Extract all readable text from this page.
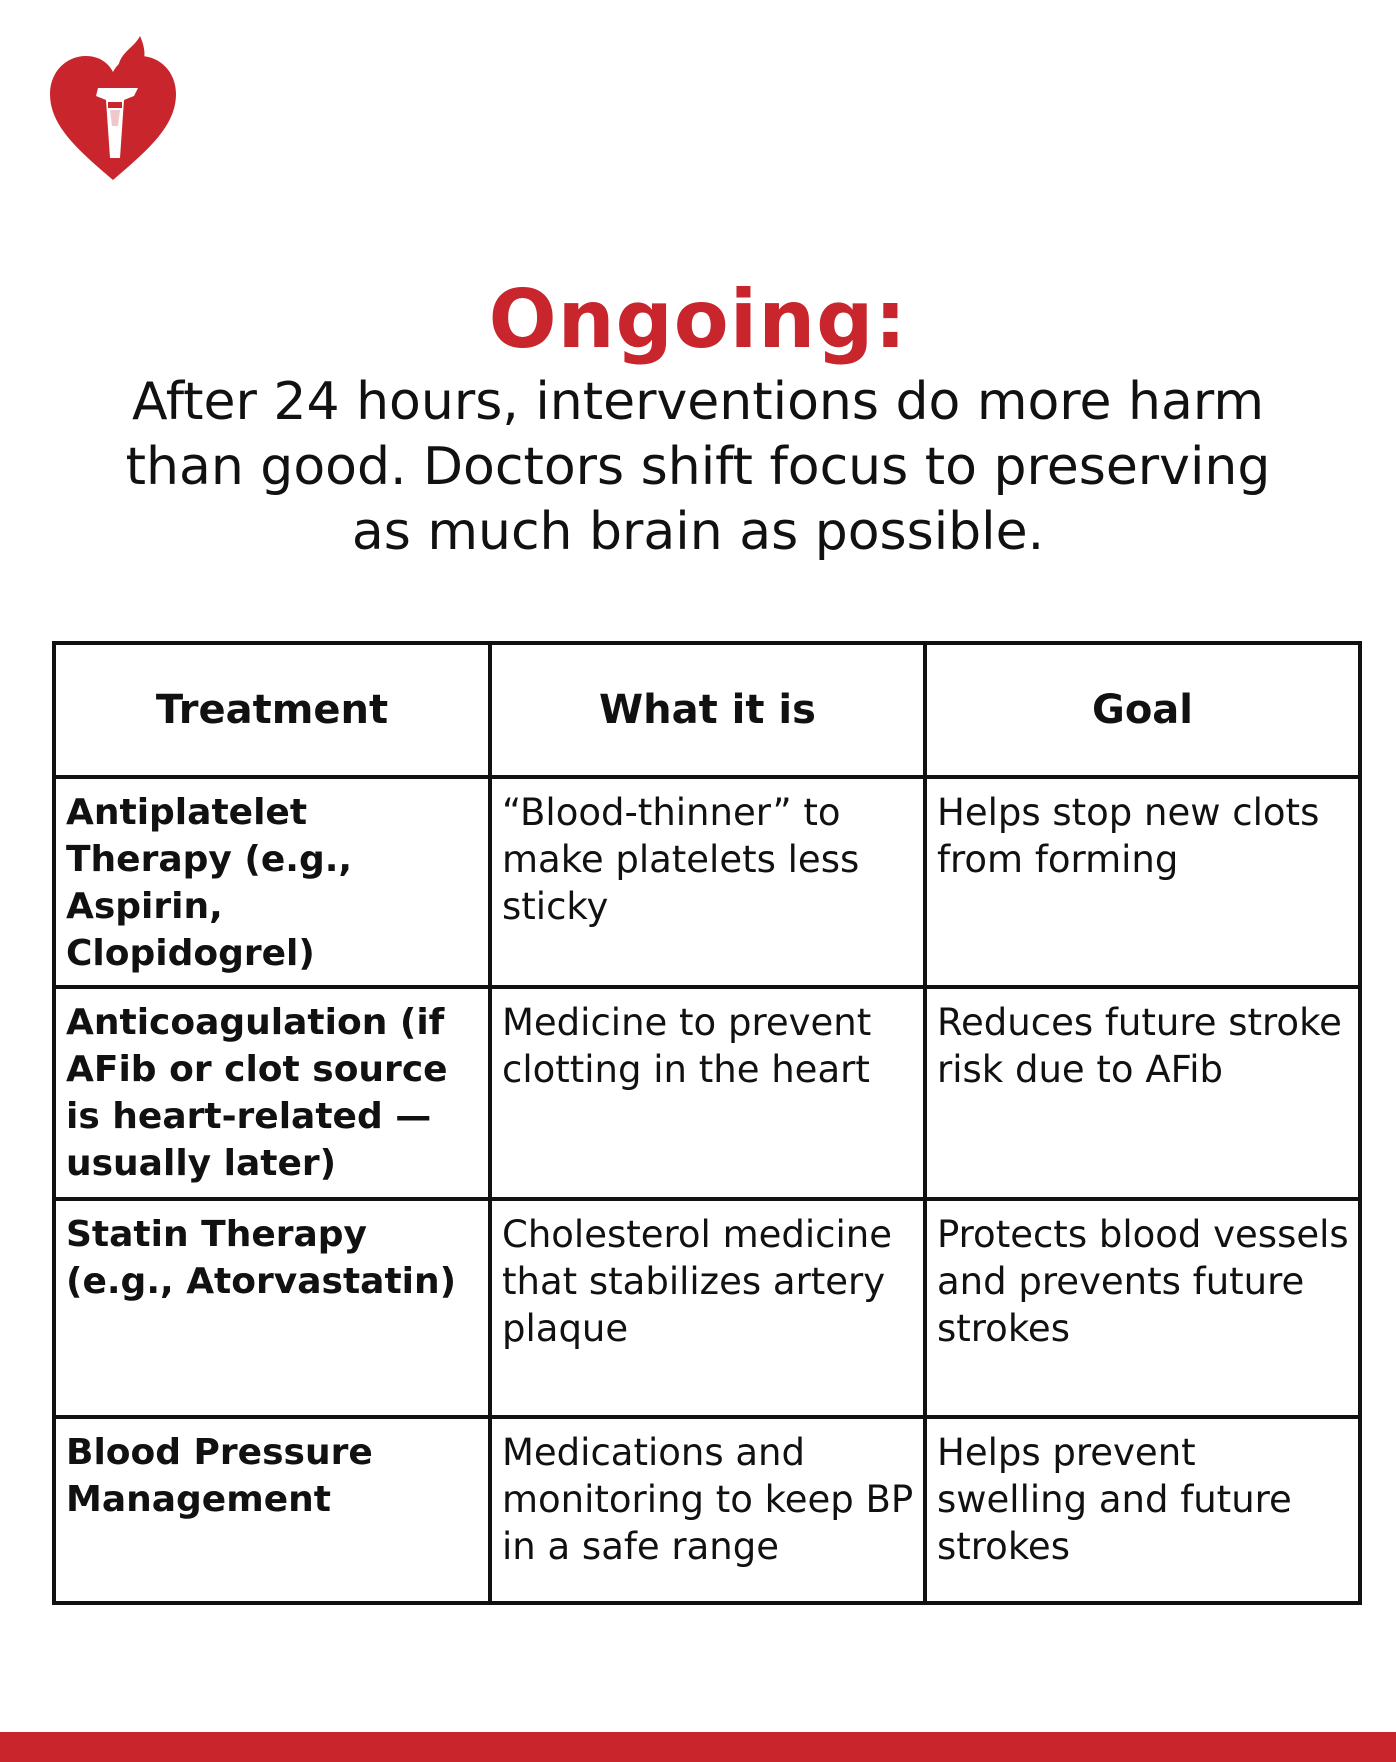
Ongoing:
After 24 hours, interventions do more harm than good. Doctors shift focus to preserving as much brain as possible.
Treatment	What it is	Goal
Antiplatelet Therapy (e.g., Aspirin, Clopidogrel)	“Blood-thinner” to make platelets less sticky	Helps stop new clots from forming
Anticoagulation (if AFib or clot source is heart-related — usually later)	Medicine to prevent clotting in the heart	Reduces future stroke risk due to AFib
Statin Therapy (e.g., Atorvastatin)	Cholesterol medicine that stabilizes artery plaque	Protects blood vessels and prevents future strokes
Blood Pressure Management	Medications and monitoring to keep BP in a safe range	Helps prevent swelling and future strokes
